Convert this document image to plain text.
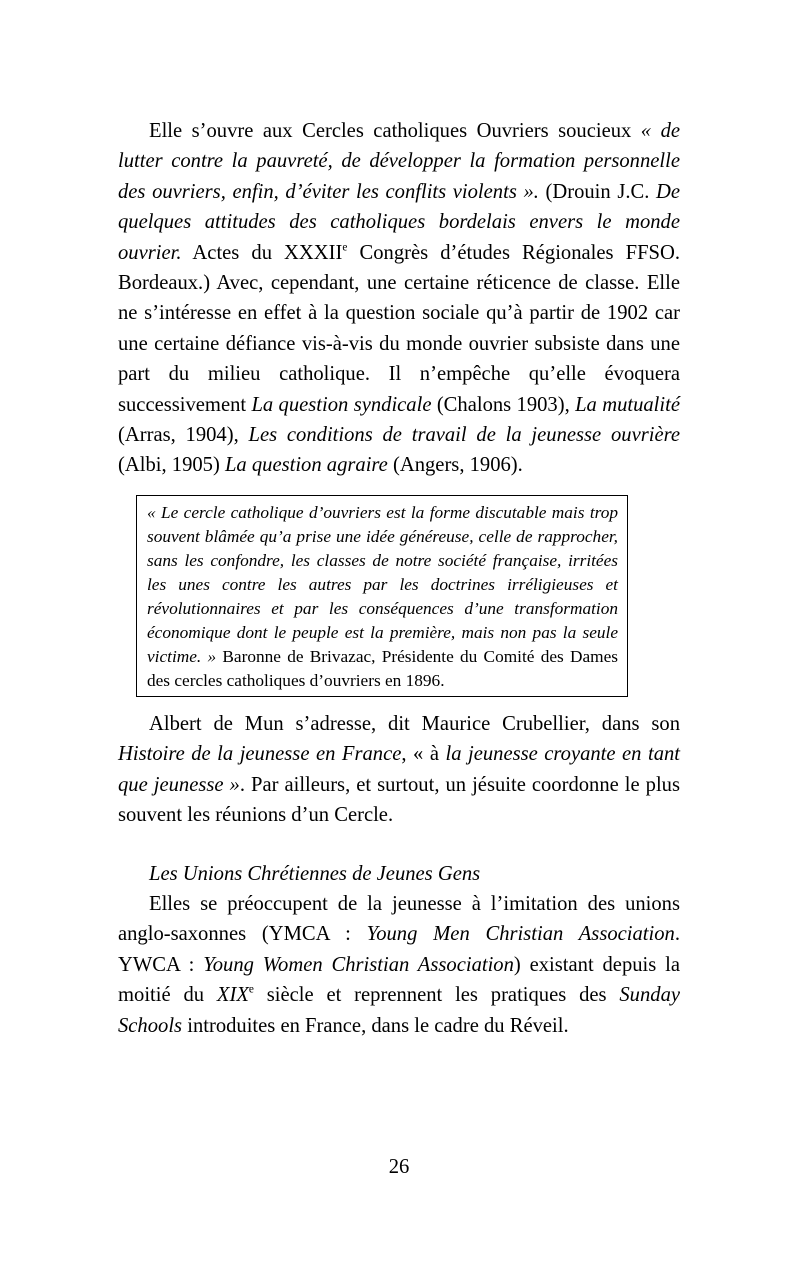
Elle s’ouvre aux Cercles catholiques Ouvriers soucieux « de lutter contre la pauvreté, de développer la formation personnelle des ouvriers, enfin, d’éviter les conflits violents ». (Drouin J.C. De quelques attitudes des catholiques bordelais envers le monde ouvrier. Actes du XXXIIe Congrès d’études Régionales FFSO. Bordeaux.) Avec, cependant, une certaine réticence de classe. Elle ne s’intéresse en effet à la question sociale qu’à partir de 1902 car une certaine défiance vis-à-vis du monde ouvrier subsiste dans une part du milieu catholique. Il n’empêche qu’elle évoquera successivement La question syndicale (Chalons 1903), La mutualité (Arras, 1904), Les conditions de travail de la jeunesse ouvrière (Albi, 1905) La question agraire (Angers, 1906).

« Le cercle catholique d’ouvriers est la forme discutable mais trop souvent blâmée qu’a prise une idée généreuse, celle de rapprocher, sans les confondre, les classes de notre société française, irritées les unes contre les autres par les doctrines irréligieuses et révolutionnaires et par les conséquences d’une transformation économique dont le peuple est la première, mais non pas la seule victime. » Baronne de Brivazac, Présidente du Comité des Dames des cercles catholiques d’ouvriers en 1896.

Albert de Mun s’adresse, dit Maurice Crubellier, dans son Histoire de la jeunesse en France, « à la jeunesse croyante en tant que jeunesse ». Par ailleurs, et surtout, un jésuite coordonne le plus souvent les réunions d’un Cercle.

Les Unions Chrétiennes de Jeunes Gens

Elles se préoccupent de la jeunesse à l’imitation des unions anglo-saxonnes (YMCA : Young Men Christian Association. YWCA : Young Women Christian Association) existant depuis la moitié du XIXe siècle et reprennent les pratiques des Sunday Schools introduites en France, dans le cadre du Réveil.

26
